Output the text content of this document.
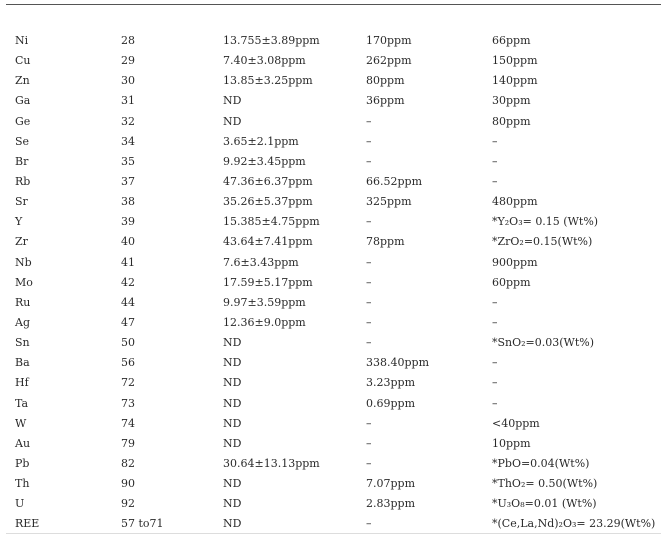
Ni	28	13.755±3.89ppm	170ppm	66ppm
Cu	29	7.40±3.08ppm	262ppm	150ppm
Zn	30	13.85±3.25ppm	80ppm	140ppm
Ga	31	ND	36ppm	30ppm
Ge	32	ND	–	80ppm
Se	34	3.65±2.1ppm	–	–
Br	35	9.92±3.45ppm	–	–
Rb	37	47.36±6.37ppm	66.52ppm	–
Sr	38	35.26±5.37ppm	325ppm	480ppm
Y	39	15.385±4.75ppm	–	*Y₂O₃= 0.15 (Wt%)
Zr	40	43.64±7.41ppm	78ppm	*ZrO₂=0.15(Wt%)
Nb	41	7.6±3.43ppm	–	900ppm
Mo	42	17.59±5.17ppm	–	60ppm
Ru	44	9.97±3.59ppm	–	–
Ag	47	12.36±9.0ppm	–	–
Sn	50	ND	–	*SnO₂=0.03(Wt%)
Ba	56	ND	338.40ppm	–
Hf	72	ND	3.23ppm	–
Ta	73	ND	0.69ppm	–
W	74	ND	–	<40ppm
Au	79	ND	–	10ppm
Pb	82	30.64±13.13ppm	–	*PbO=0.04(Wt%)
Th	90	ND	7.07ppm	*ThO₂= 0.50(Wt%)
U	92	ND	2.83ppm	*U₃O₈=0.01 (Wt%)
REE	57 to71	ND	–	*(Ce,La,Nd)₂O₃= 23.29(Wt%)
